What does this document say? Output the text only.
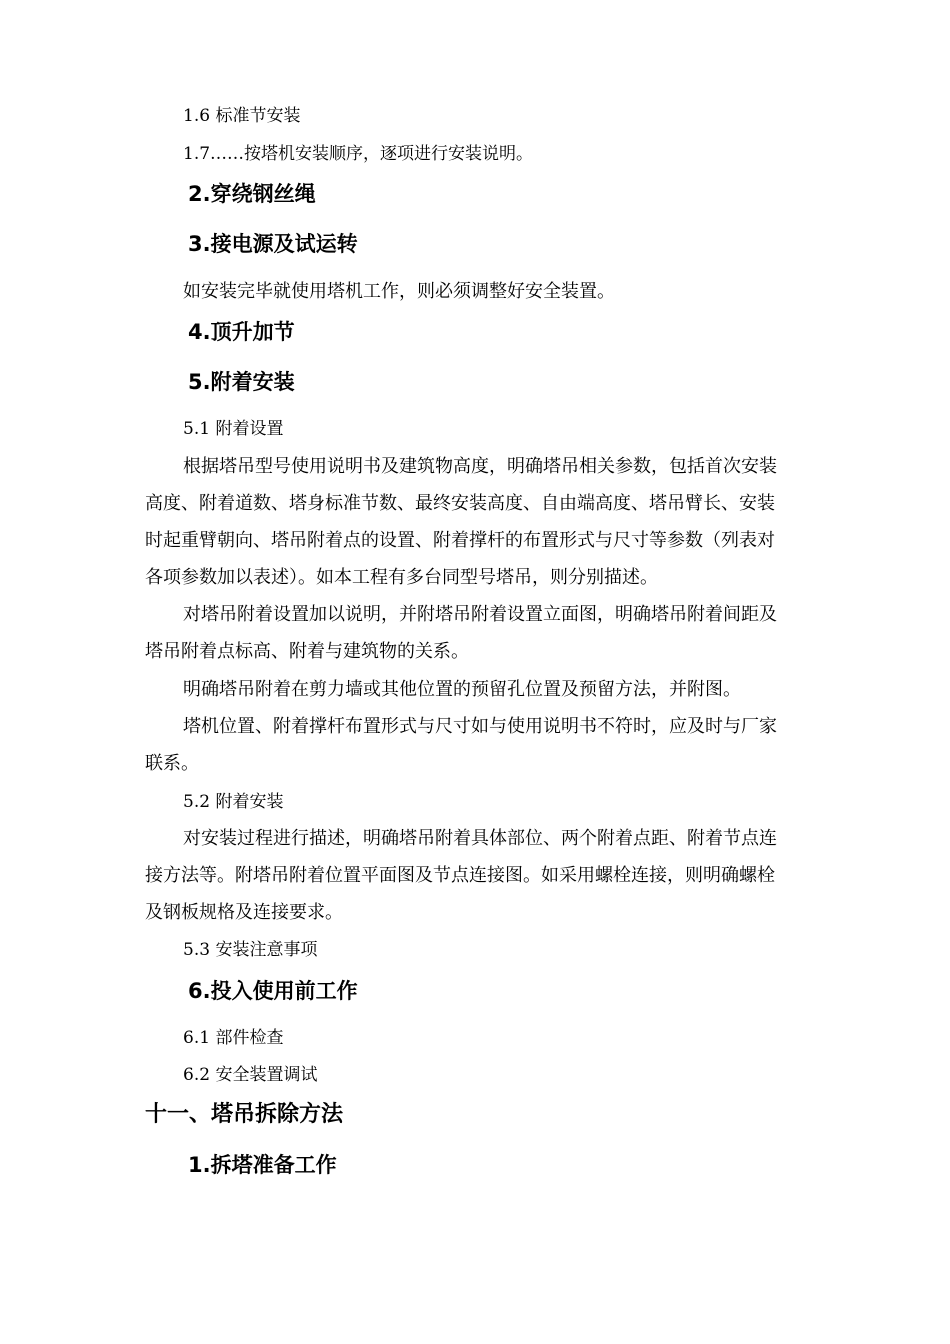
1.6 标准节安装
1.7……按塔机安装顺序，逐项进行安装说明。
2.穿绕钢丝绳
3.接电源及试运转
如安装完毕就使用塔机工作，则必须调整好安全装置。
4.顶升加节
5.附着安装
5.1 附着设置
根据塔吊型号使用说明书及建筑物高度，明确塔吊相关参数，包括首次安装
高度、附着道数、塔身标准节数、最终安装高度、自由端高度、塔吊臂长、安装
时起重臂朝向、塔吊附着点的设置、附着撑杆的布置形式与尺寸等参数（列表对
各项参数加以表述）。如本工程有多台同型号塔吊，则分别描述。
对塔吊附着设置加以说明，并附塔吊附着设置立面图，明确塔吊附着间距及
塔吊附着点标高、附着与建筑物的关系。
明确塔吊附着在剪力墙或其他位置的预留孔位置及预留方法，并附图。
塔机位置、附着撑杆布置形式与尺寸如与使用说明书不符时，应及时与厂家
联系。
5.2 附着安装
对安装过程进行描述，明确塔吊附着具体部位、两个附着点距、附着节点连
接方法等。附塔吊附着位置平面图及节点连接图。如采用螺栓连接，则明确螺栓
及钢板规格及连接要求。
5.3 安装注意事项
6.投入使用前工作
6.1 部件检查
6.2 安全装置调试
十一、塔吊拆除方法
1.拆塔准备工作
